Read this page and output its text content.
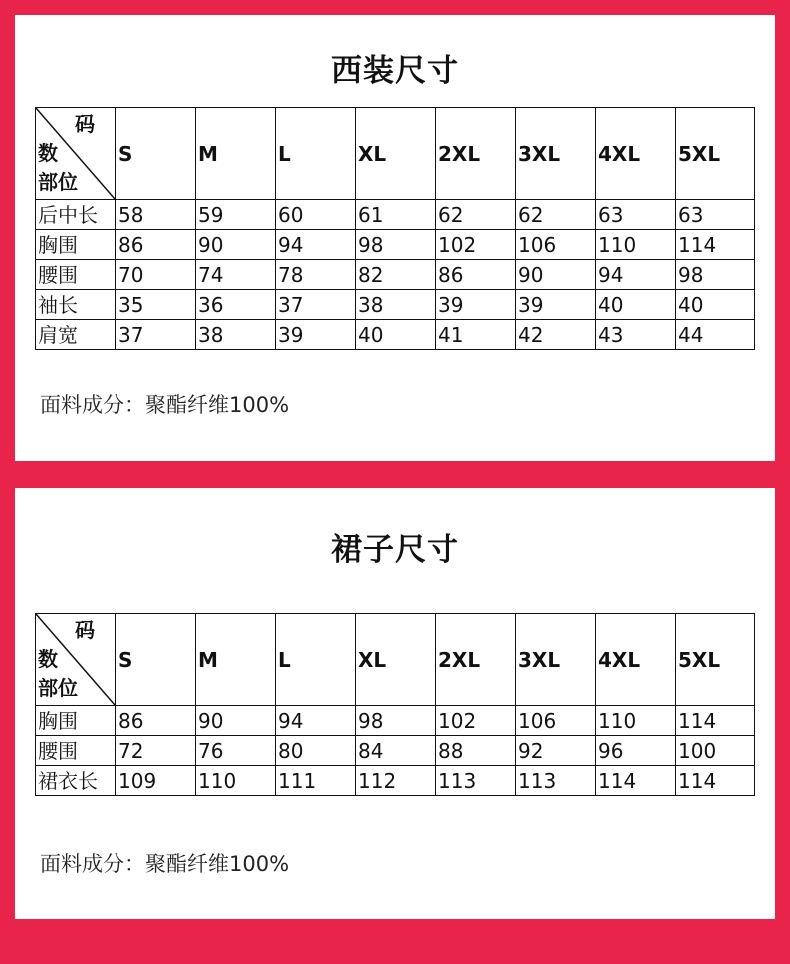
西装尺寸
码
数
部位	S	M	L	XL	2XL	3XL	4XL	5XL
后中长	58	59	60	61	62	62	63	63
胸围	86	90	94	98	102	106	110	114
腰围	70	74	78	82	86	90	94	98
袖长	35	36	37	38	39	39	40	40
肩宽	37	38	39	40	41	42	43	44
面料成分：聚酯纤维100%
裙子尺寸
码
数
部位	S	M	L	XL	2XL	3XL	4XL	5XL
胸围	86	90	94	98	102	106	110	114
腰围	72	76	80	84	88	92	96	100
裙衣长	109	110	111	112	113	113	114	114
面料成分：聚酯纤维100%
